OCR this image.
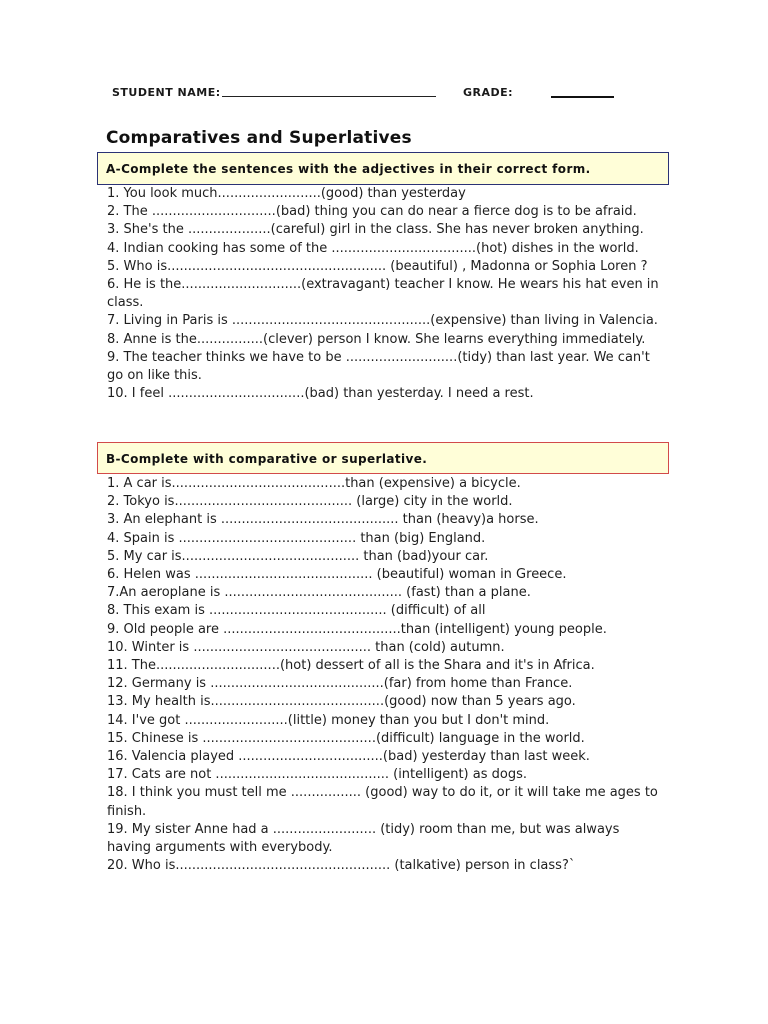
STUDENT NAME:	GRADE:
Comparatives and Superlatives
A-Complete the sentences with the adjectives in their correct form.
1. You look much.........................(good) than yesterday
2. The ..............................(bad) thing you can do near a fierce dog is to be afraid.
3. She's the ....................(careful) girl in the class. She has never broken anything.
4. Indian cooking has some of the ...................................(hot) dishes in the world.
5. Who is..................................................... (beautiful) , Madonna or Sophia Loren ?
6. He is the.............................(extravagant) teacher I know. He wears his hat even in class.
7. Living in Paris is ................................................(expensive) than living in Valencia.
8. Anne is the................(clever) person I know. She learns everything immediately.
9. The teacher thinks we have to be ...........................(tidy) than last year. We can't go on like this.
10. I feel .................................(bad) than yesterday. I need a rest.
B-Complete with comparative or superlative.
1. A car is..........................................than (expensive) a bicycle.
2. Tokyo is........................................... (large) city in the world.
3. An elephant is ........................................... than (heavy)a horse.
4. Spain is ........................................... than (big) England.
5. My car is........................................... than (bad)your car.
6. Helen was ........................................... (beautiful) woman in Greece.
7.An aeroplane is ........................................... (fast) than a plane.
8. This exam is ........................................... (difficult) of all
9. Old people are ...........................................than (intelligent) young people.
10. Winter is ........................................... than (cold) autumn.
11. The..............................(hot) dessert of all is the Shara and it's in Africa.
12. Germany is ..........................................(far) from home than France.
13. My health is..........................................(good) now than 5 years ago.
14. I've got .........................(little) money than you but I don't mind.
15. Chinese is ..........................................(difficult) language in the world.
16. Valencia played ...................................(bad) yesterday than last week.
17. Cats are not .......................................... (intelligent) as dogs.
18. I think you must tell me ................. (good) way to do it, or it will take me ages to finish.
19. My sister Anne had a ......................... (tidy) room than me, but was always having arguments with everybody.
20. Who is.................................................... (talkative) person in class?`
